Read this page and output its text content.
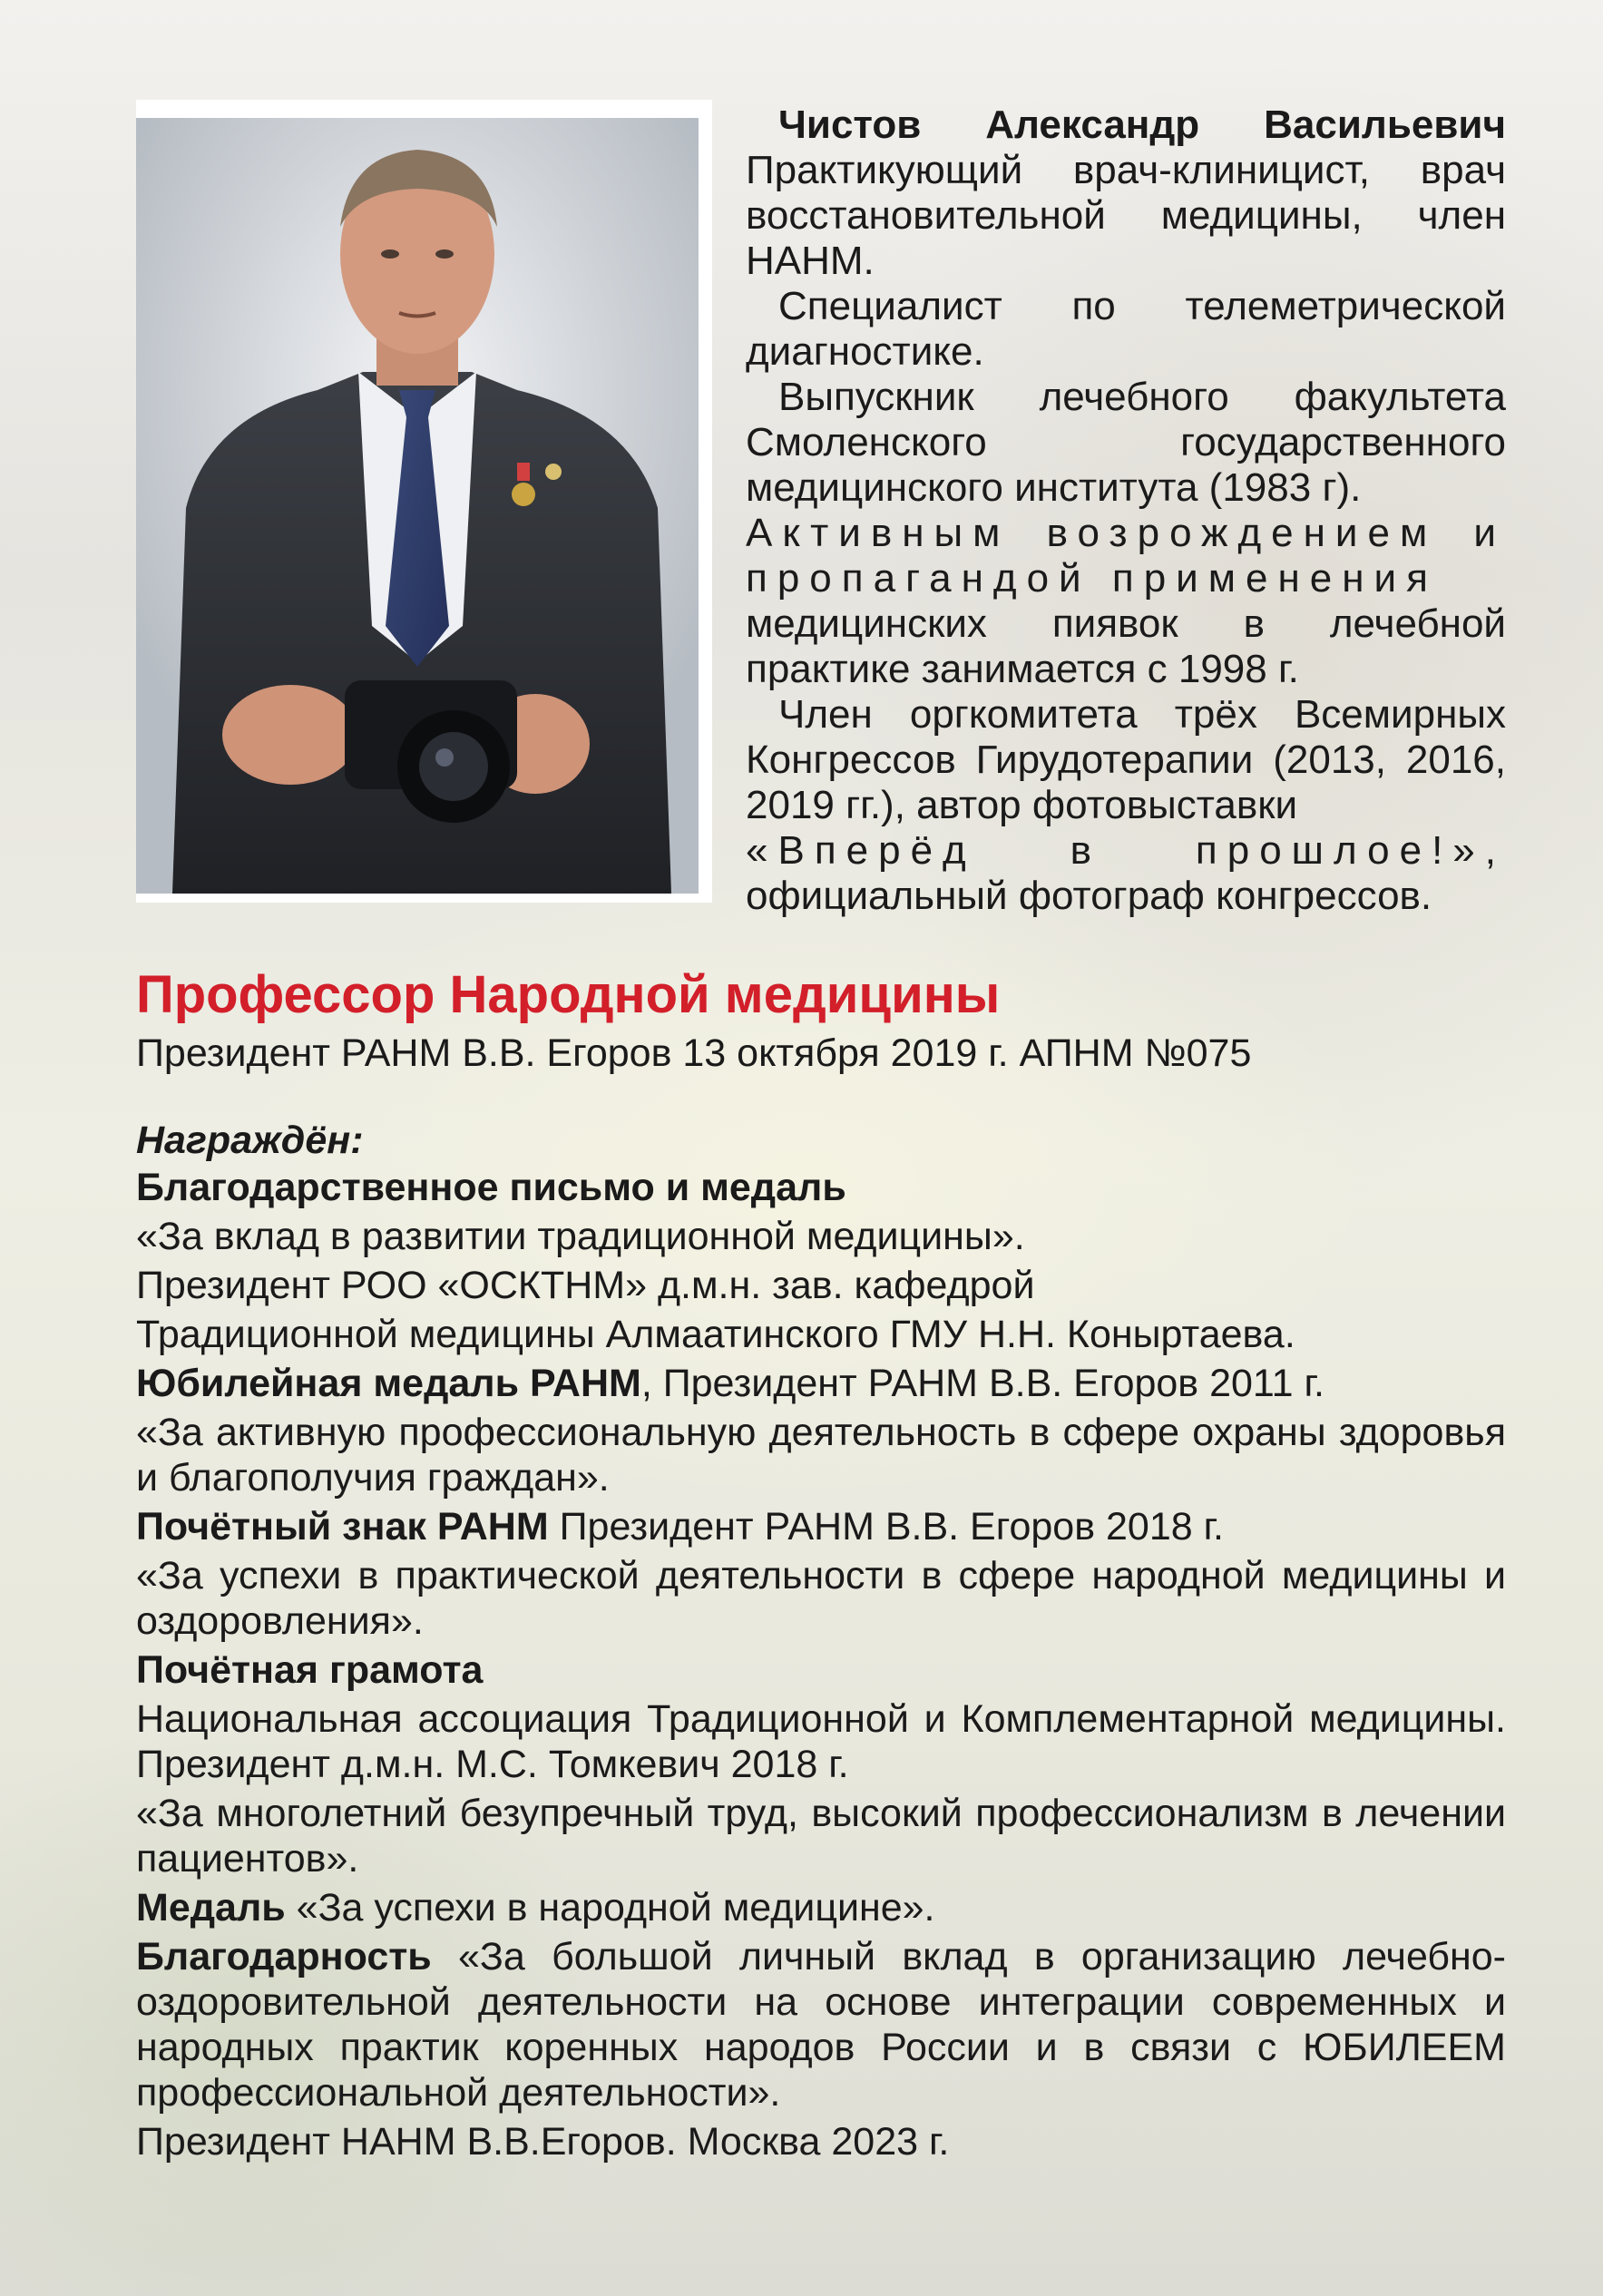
Чистов Александр Васильевич

Практикующий врач-клиницист, врач восстановительной медицины, член НАНМ.

Специалист по телеметрической диагностике.

Выпускник лечебного факультета Смоленского государственного медицинского института (1983 г).

Активным возрождением и пропагандой применения

медицинских пиявок в лечебной практике занимается с 1998 г.

Член оргкомитета трёх Всемирных Конгрессов Гирудотерапии (2013, 2016, 2019 гг.), автор фотовыставки

«Вперёд в прошлое!»,

официальный фотограф конгрессов.

Профессор Народной медицины

Президент РАНМ В.В. Егоров 13 октября 2019 г. АПНМ №075

Награждён:

Благодарственное письмо и медаль

«За вклад в развитии традиционной медицины».

Президент РОО «ОСКТНМ» д.м.н. зав. кафедрой

Традиционной медицины Алмаатинского ГМУ Н.Н. Коныртаева.

Юбилейная медаль РАНМ, Президент РАНМ В.В. Егоров 2011 г.

«За активную профессиональную деятельность в сфере охраны здоровья и благополучия граждан».

Почётный знак РАНМ Президент РАНМ В.В. Егоров 2018 г.

«За успехи в практической деятельности в сфере народной медицины и оздоровления».

Почётная грамота

Национальная ассоциация Традиционной и Комплементарной медицины. Президент д.м.н. М.С. Томкевич 2018 г.

«За многолетний безупречный труд, высокий профессионализм в лечении пациентов».

Медаль «За успехи в народной медицине».

Благодарность «За большой личный вклад в организацию лечебно-оздоровительной деятельности на основе интеграции современных и народных практик коренных народов России и в связи с ЮБИЛЕЕМ профессиональной деятельности».

Президент НАНМ В.В.Егоров. Москва 2023 г.
